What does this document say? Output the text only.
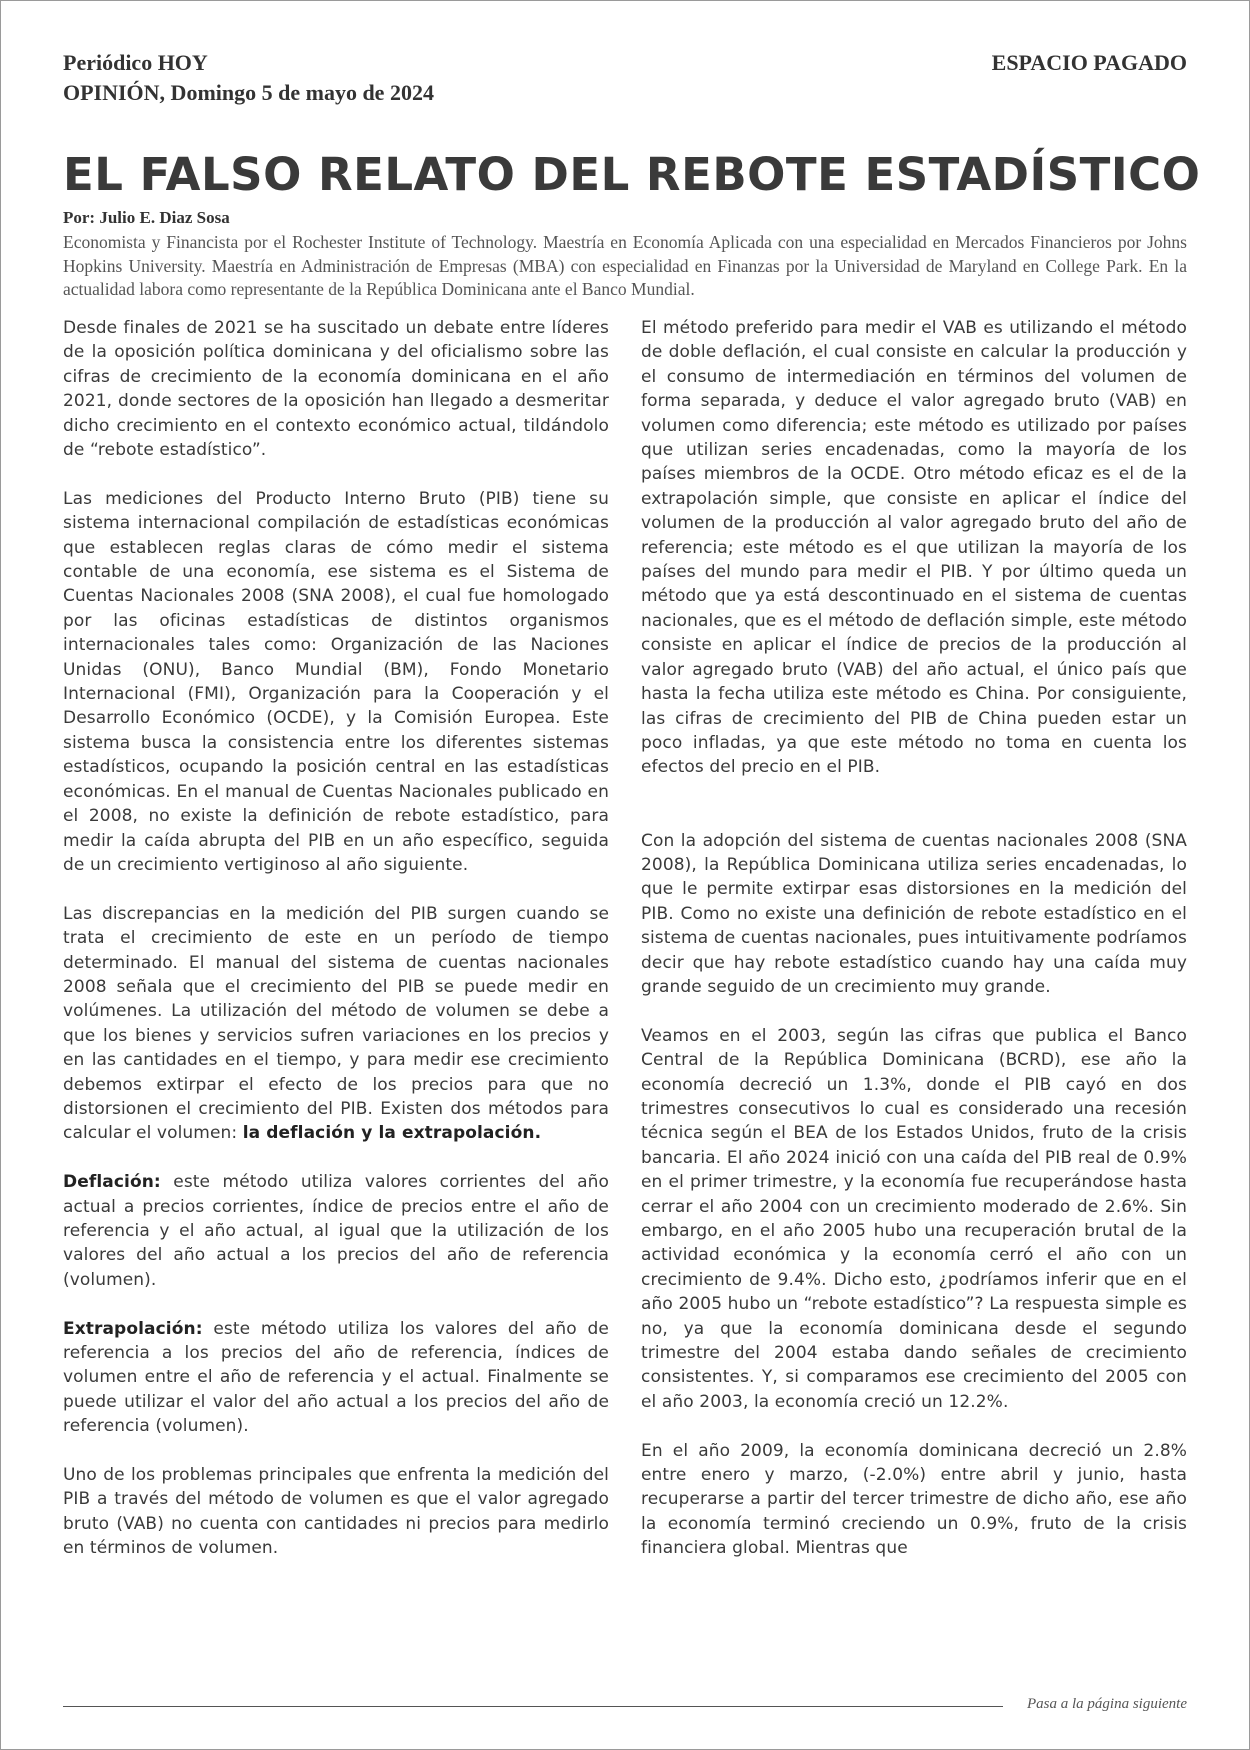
Periódico HOY
OPINIÓN, Domingo 5 de mayo de 2024
ESPACIO PAGADO
EL FALSO RELATO DEL REBOTE ESTADÍSTICO
Por: Julio E. Diaz Sosa
Economista y Financista por el Rochester Institute of Technology. Maestría en Economía Aplicada con una especialidad en Mercados Financieros por Johns Hopkins University. Maestría en Administración de Empresas (MBA) con especialidad en Finanzas por la Universidad de Maryland en College Park. En la actualidad labora como representante de la República Dominicana ante el Banco Mundial.

Desde finales de 2021 se ha suscitado un debate entre líderes de la oposición política dominicana y del oficialismo sobre las cifras de crecimiento de la economía dominicana en el año 2021, donde sectores de la oposición han llegado a desmeritar dicho crecimiento en el contexto económico actual, tildándolo de “rebote estadístico”.

Las mediciones del Producto Interno Bruto (PIB) tiene su sistema internacional compilación de estadísticas económicas que establecen reglas claras de cómo medir el sistema contable de una economía, ese sistema es el Sistema de Cuentas Nacionales 2008 (SNA 2008), el cual fue homologado por las oficinas estadísticas de distintos organismos internacionales tales como: Organización de las Naciones Unidas (ONU), Banco Mundial (BM), Fondo Monetario Internacional (FMI), Organización para la Cooperación y el Desarrollo Económico (OCDE), y la Comisión Europea. Este sistema busca la consistencia entre los diferentes sistemas estadísticos, ocupando la posición central en las estadísticas económicas. En el manual de Cuentas Nacionales publicado en el 2008, no existe la definición de rebote estadístico, para medir la caída abrupta del PIB en un año específico, seguida de un crecimiento vertiginoso al año siguiente.

Las discrepancias en la medición del PIB surgen cuando se trata el crecimiento de este en un período de tiempo determinado. El manual del sistema de cuentas nacionales 2008 señala que el crecimiento del PIB se puede medir en volúmenes. La utilización del método de volumen se debe a que los bienes y servicios sufren variaciones en los precios y en las cantidades en el tiempo, y para medir ese crecimiento debemos extirpar el efecto de los precios para que no distorsionen el crecimiento del PIB. Existen dos métodos para calcular el volumen: la deflación y la extrapolación.

Deflación: este método utiliza valores corrientes del año actual a precios corrientes, índice de precios entre el año de referencia y el año actual, al igual que la utilización de los valores del año actual a los precios del año de referencia (volumen).

Extrapolación: este método utiliza los valores del año de referencia a los precios del año de referencia, índices de volumen entre el año de referencia y el actual. Finalmente se puede utilizar el valor del año actual a los precios del año de referencia (volumen).

Uno de los problemas principales que enfrenta la medición del PIB a través del método de volumen es que el valor agregado bruto (VAB) no cuenta con cantidades ni precios para medirlo en términos de volumen.

El método preferido para medir el VAB es utilizando el método de doble deflación, el cual consiste en calcular la producción y el consumo de intermediación en términos del volumen de forma separada, y deduce el valor agregado bruto (VAB) en volumen como diferencia; este método es utilizado por países que utilizan series encadenadas, como la mayoría de los países miembros de la OCDE. Otro método eficaz es el de la extrapolación simple, que consiste en aplicar el índice del volumen de la producción al valor agregado bruto del año de referencia; este método es el que utilizan la mayoría de los países del mundo para medir el PIB. Y por último queda un método que ya está descontinuado en el sistema de cuentas nacionales, que es el método de deflación simple, este método consiste en aplicar el índice de precios de la producción al valor agregado bruto (VAB) del año actual, el único país que hasta la fecha utiliza este método es China. Por consiguiente, las cifras de crecimiento del PIB de China pueden estar un poco infladas, ya que este método no toma en cuenta los efectos del precio en el PIB.

Con la adopción del sistema de cuentas nacionales 2008 (SNA 2008), la República Dominicana utiliza series encadenadas, lo que le permite extirpar esas distorsiones en la medición del PIB. Como no existe una definición de rebote estadístico en el sistema de cuentas nacionales, pues intuitivamente podríamos decir que hay rebote estadístico cuando hay una caída muy grande seguido de un crecimiento muy grande.

Veamos en el 2003, según las cifras que publica el Banco Central de la República Dominicana (BCRD), ese año la economía decreció un 1.3%, donde el PIB cayó en dos trimestres consecutivos lo cual es considerado una recesión técnica según el BEA de los Estados Unidos, fruto de la crisis bancaria. El año 2024 inició con una caída del PIB real de 0.9% en el primer trimestre, y la economía fue recuperándose hasta cerrar el año 2004 con un crecimiento moderado de 2.6%. Sin embargo, en el año 2005 hubo una recuperación brutal de la actividad económica y la economía cerró el año con un crecimiento de 9.4%. Dicho esto, ¿podríamos inferir que en el año 2005 hubo un “rebote estadístico”? La respuesta simple es no, ya que la economía dominicana desde el segundo trimestre del 2004 estaba dando señales de crecimiento consistentes. Y, si comparamos ese crecimiento del 2005 con el año 2003, la economía creció un 12.2%.

En el año 2009, la economía dominicana decreció un 2.8% entre enero y marzo, (-2.0%) entre abril y junio, hasta recuperarse a partir del tercer trimestre de dicho año, ese año la economía terminó creciendo un 0.9%, fruto de la crisis financiera global. Mientras que

Pasa a la página siguiente
